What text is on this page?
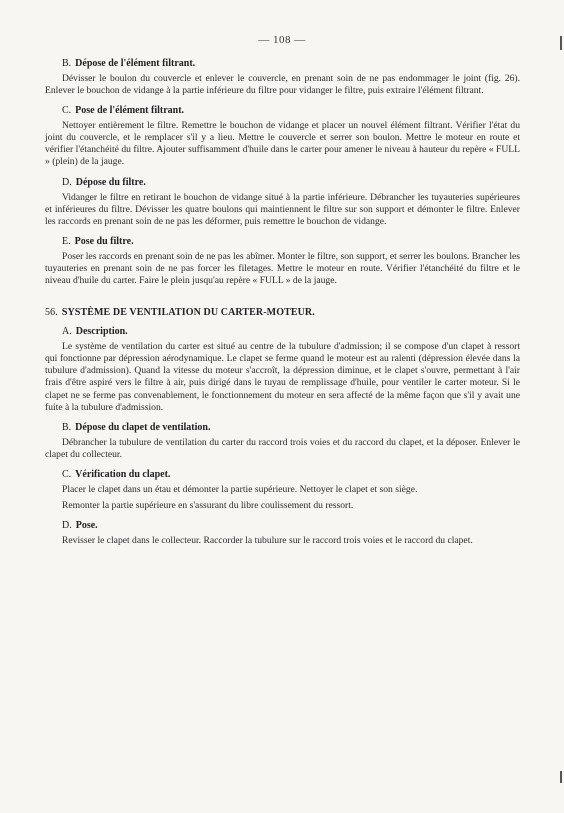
— 108 —
B. Dépose de l'élément filtrant.

Dévisser le boulon du couvercle et enlever le couvercle, en prenant soin de ne pas endommager le joint (fig. 26). Enlever le bouchon de vidange à la partie inférieure du filtre pour vidanger le filtre, puis extraire l'élément filtrant.

C. Pose de l'élément filtrant.

Nettoyer entièrement le filtre. Remettre le bouchon de vidange et placer un nouvel élément filtrant. Vérifier l'état du joint du couvercle, et le remplacer s'il y a lieu. Mettre le couvercle et serrer son boulon. Mettre le moteur en route et vérifier l'étanchéité du filtre. Ajouter suffisamment d'huile dans le carter pour amener le niveau à hauteur du repère « FULL » (plein) de la jauge.

D. Dépose du filtre.

Vidanger le filtre en retirant le bouchon de vidange situé à la partie inférieure. Débrancher les tuyauteries supérieures et inférieures du filtre. Dévisser les quatre boulons qui maintiennent le filtre sur son support et démonter le filtre. Enlever les raccords en prenant soin de ne pas les déformer, puis remettre le bouchon de vidange.

E. Pose du filtre.

Poser les raccords en prenant soin de ne pas les abîmer. Monter le filtre, son support, et serrer les boulons. Brancher les tuyauteries en prenant soin de ne pas forcer les filetages. Mettre le moteur en route. Vérifier l'étanchéité du filtre et le niveau d'huile du carter. Faire le plein jusqu'au repère « FULL » de la jauge.

56. SYSTÈME DE VENTILATION DU CARTER-MOTEUR.
A. Description.

Le système de ventilation du carter est situé au centre de la tubulure d'admission; il se compose d'un clapet à ressort qui fonctionne par dépression aérodynamique. Le clapet se ferme quand le moteur est au ralenti (dépression élevée dans la tubulure d'admission). Quand la vitesse du moteur s'accroît, la dépression diminue, et le clapet s'ouvre, permettant à l'air frais d'être aspiré vers le filtre à air, puis dirigé dans le tuyau de remplissage d'huile, pour ventiler le carter moteur. Si le clapet ne se ferme pas convenablement, le fonctionnement du moteur en sera affecté de la même façon que s'il y avait une fuite à la tubulure d'admission.

B. Dépose du clapet de ventilation.

Débrancher la tubulure de ventilation du carter du raccord trois voies et du raccord du clapet, et la déposer. Enlever le clapet du collecteur.

C. Vérification du clapet.

Placer le clapet dans un étau et démonter la partie supérieure. Nettoyer le clapet et son siège.

Remonter la partie supérieure en s'assurant du libre coulissement du ressort.

D. Pose.

Revisser le clapet dans le collecteur. Raccorder la tubulure sur le raccord trois voies et le raccord du clapet.
